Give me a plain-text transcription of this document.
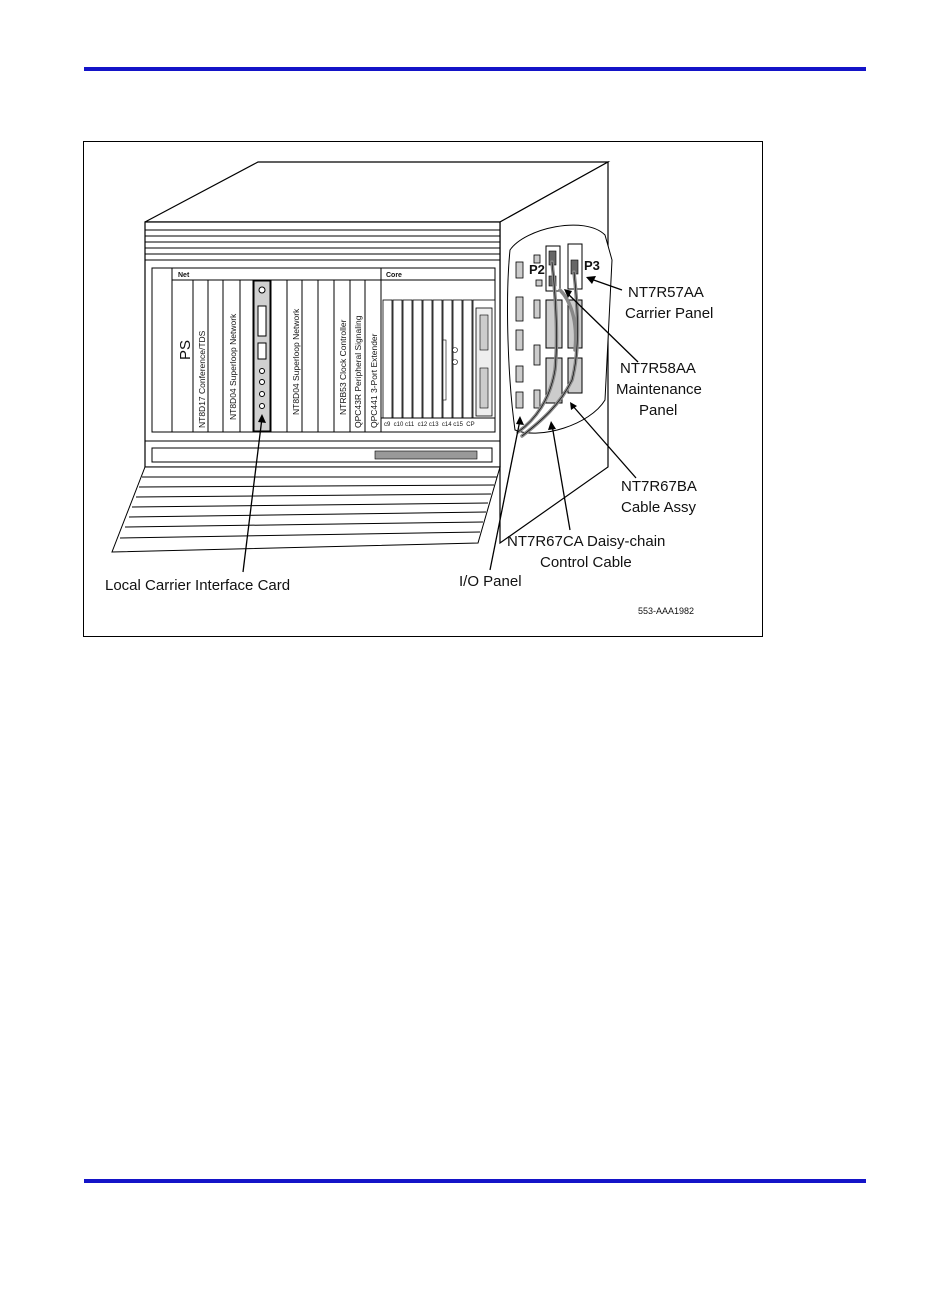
Net	Core
PS NT8D17 Conference/TDS NT8D04 Superloop Network	NT8D04 Superloop Network	NTRB53 Clock Controller QPC43R Peripheral Signaling QPC441 3-Port Extender c9  c10 c11  c12 c13  c14 c15  CP
P2	P3
NT7R57AA
Carrier Panel
NT7R58AA
Maintenance
Panel
NT7R67BA
Cable Assy
NT7R67CA Daisy-chain
Control Cable
I/O Panel
Local Carrier Interface Card
553-AAA1982
